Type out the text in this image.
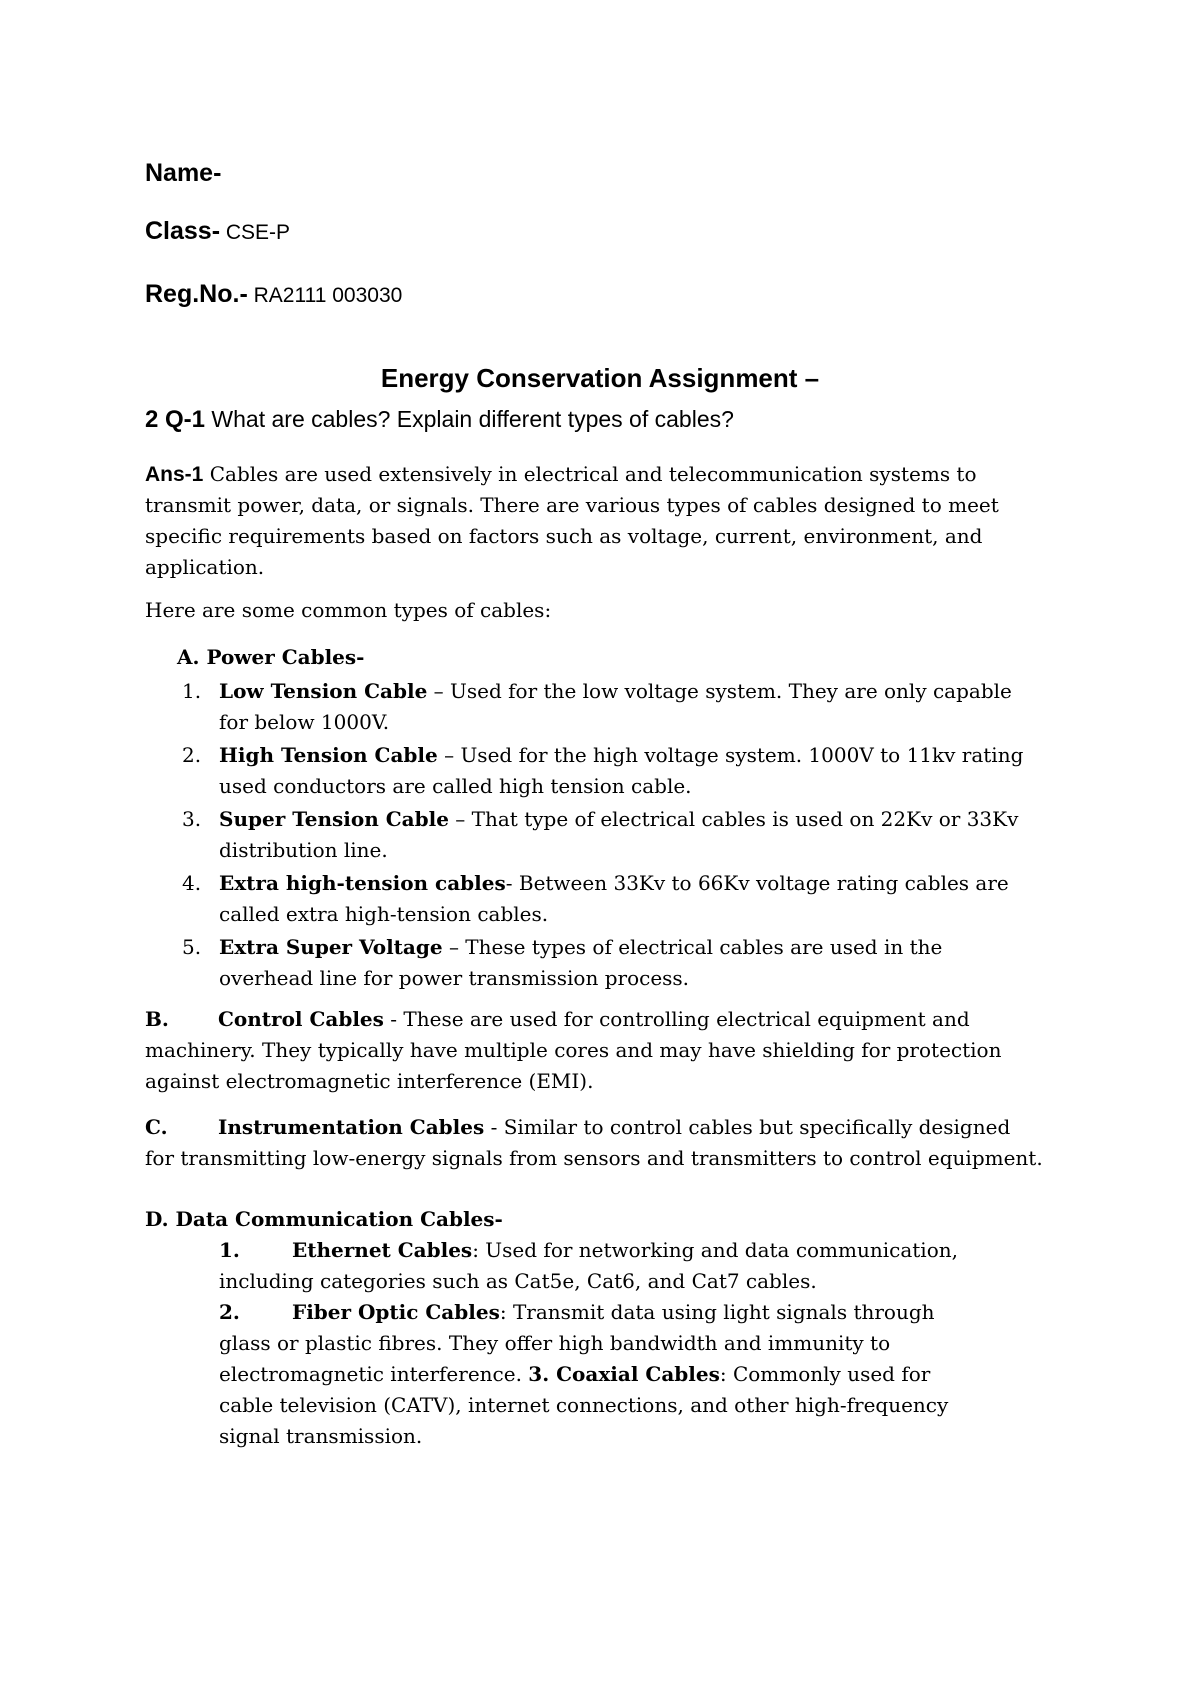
Name-
Class- CSE-P
Reg.No.- RA2111 003030
Energy Conservation Assignment –
2 Q-1 What are cables? Explain different types of cables?
Ans-1 Cables are used extensively in electrical and telecommunication systems to transmit power, data, or signals. There are various types of cables designed to meet specific requirements based on factors such as voltage, current, environment, and application.
Here are some common types of cables:
A. Power Cables-
1. Low Tension Cable – Used for the low voltage system. They are only capable for below 1000V.
2. High Tension Cable – Used for the high voltage system. 1000V to 11kv rating used conductors are called high tension cable.
3. Super Tension Cable – That type of electrical cables is used on 22Kv or 33Kv distribution line.
4. Extra high-tension cables- Between 33Kv to 66Kv voltage rating cables are called extra high-tension cables.
5. Extra Super Voltage – These types of electrical cables are used in the overhead line for power transmission process.
B. Control Cables - These are used for controlling electrical equipment and machinery. They typically have multiple cores and may have shielding for protection against electromagnetic interference (EMI).
C.	Instrumentation Cables - Similar to control cables but specifically designed for transmitting low-energy signals from sensors and transmitters to control equipment.
D. Data Communication Cables-
1.	Ethernet Cables: Used for networking and data communication, including categories such as Cat5e, Cat6, and Cat7 cables.
2.	Fiber Optic Cables: Transmit data using light signals through glass or plastic fibres. They offer high bandwidth and immunity to electromagnetic interference. 3. Coaxial Cables: Commonly used for cable television (CATV), internet connections, and other high-frequency signal transmission.
